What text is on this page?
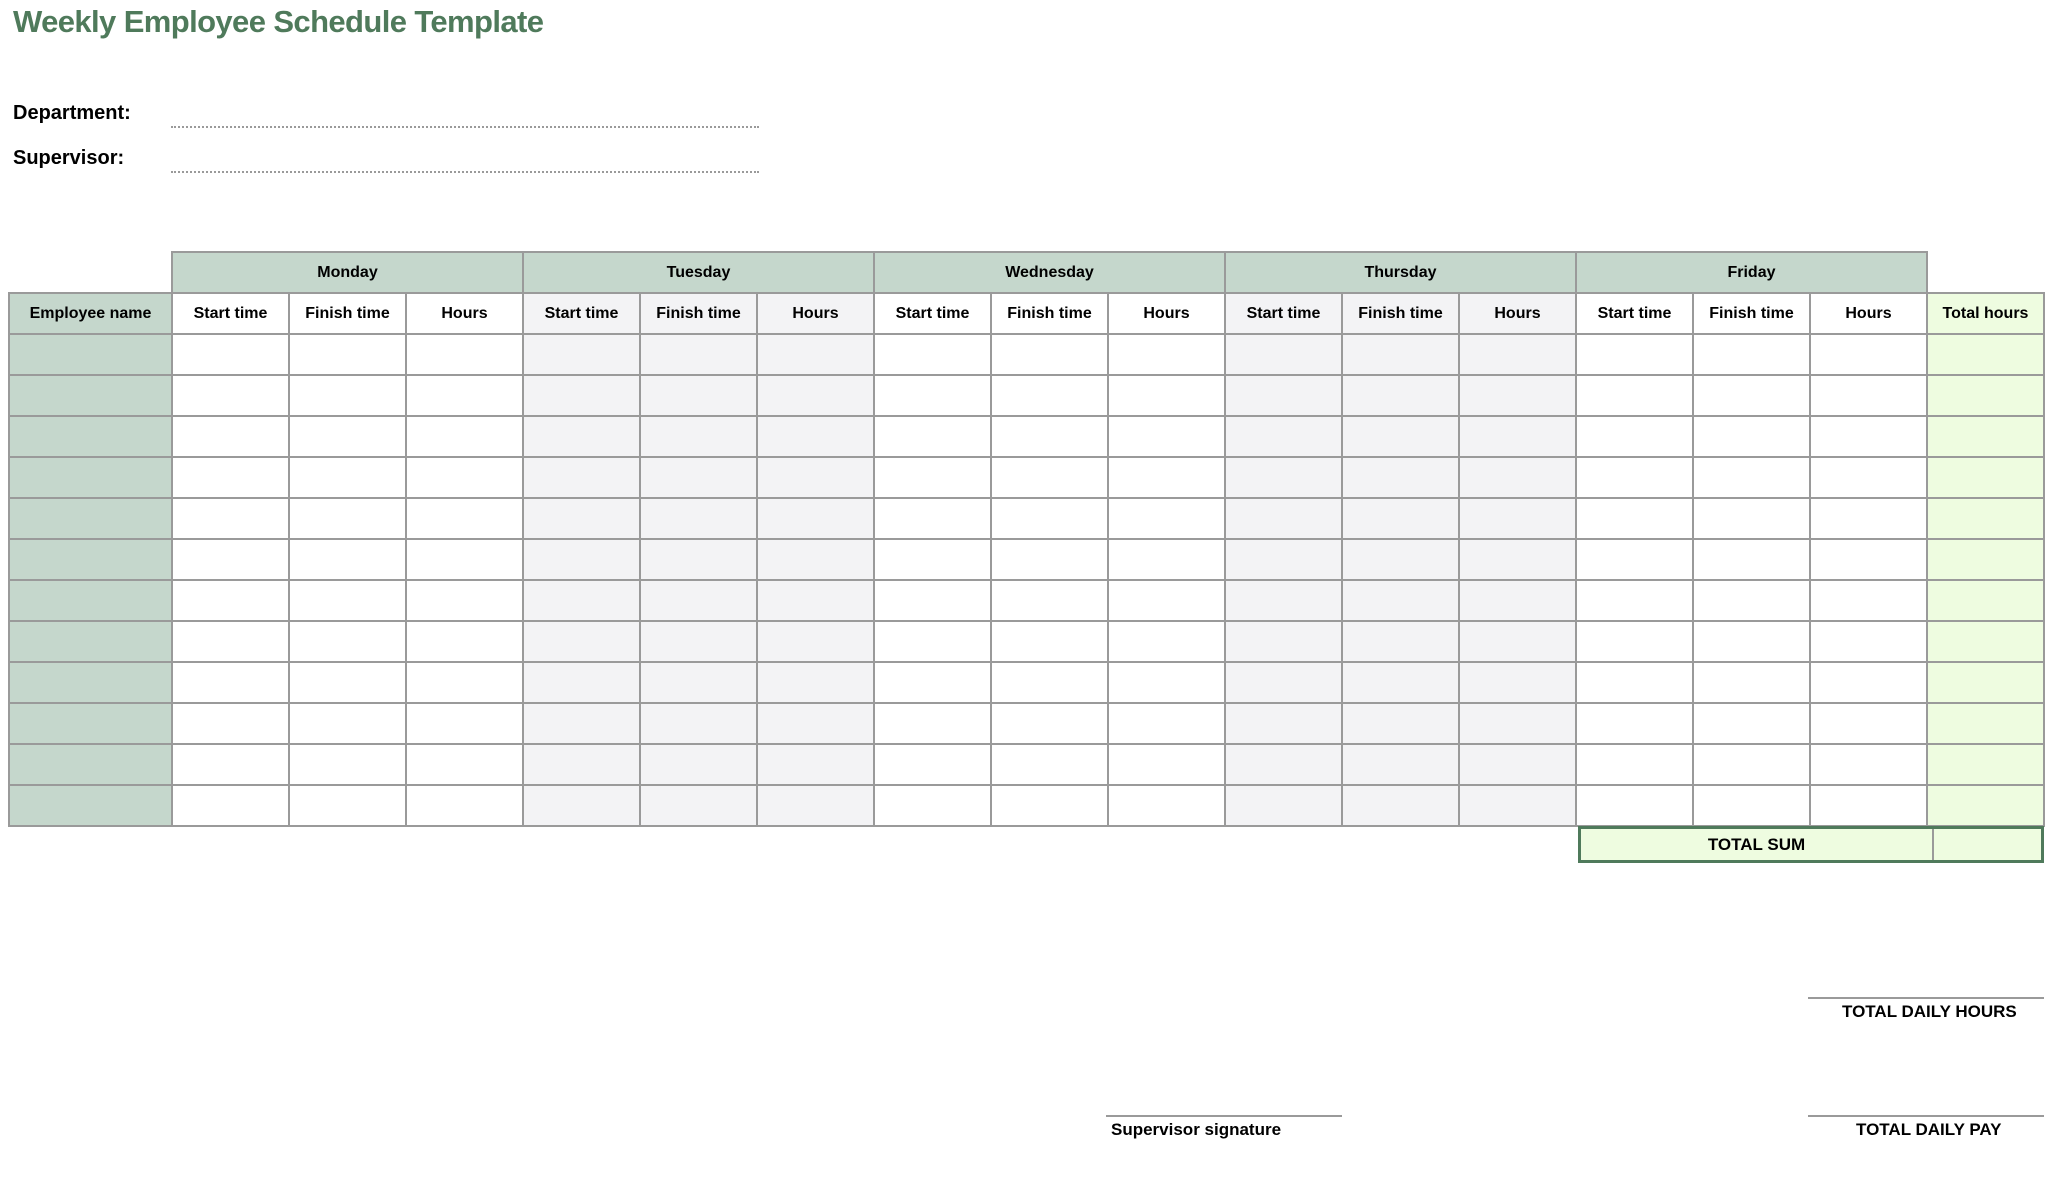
Weekly Employee Schedule Template
Department:
Supervisor:
	Monday			Tuesday			Wednesday			Thursday			Friday			
Employee name	Start time	Finish time	Hours	Start time	Finish time	Hours	Start time	Finish time	Hours	Start time	Finish time	Hours	Start time	Finish time	Hours	Total hours

TOTAL SUM
TOTAL DAILY HOURS
Supervisor signature	TOTAL DAILY PAY
